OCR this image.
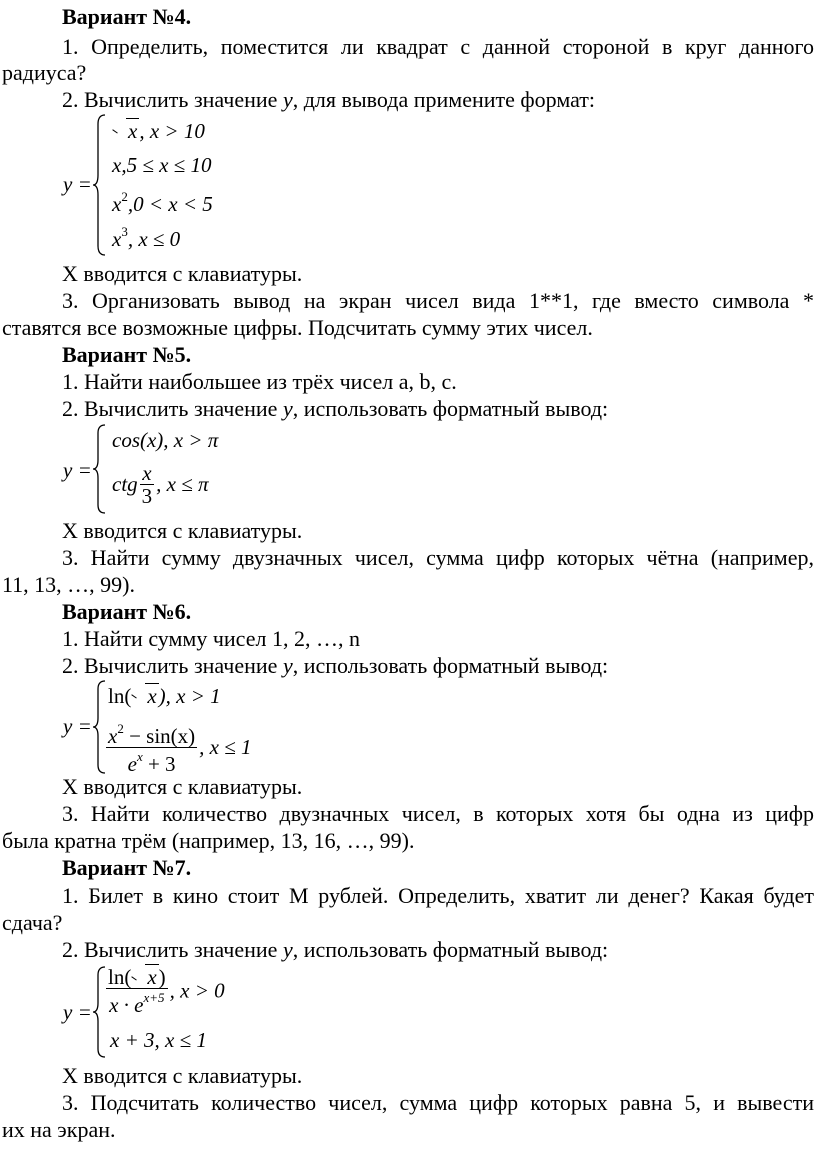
Вариант №4.
1. Определить, поместится ли квадрат с данной стороной в круг данного
радиуса?
2. Вычислить значение y, для вывода примените формат:
y =
x, x > 10
x,5 ≤ x ≤ 10
$x^2,0 < x < 5$
$x^3$, x ≤ 0
X вводится с клавиатуры.
3. Организовать вывод на экран чисел вида 1**1, где вместо символа *
ставятся все возможные цифры. Подсчитать сумму этих чисел.
Вариант №5.
1. Найти наибольшее из трёх чисел a, b, c.
2. Вычислить значение y, использовать форматный вывод:
y =
cos(x), x > π
ctg $\frac{x}{3}$ , x ≤ π
X вводится с клавиатуры.
3. Найти сумму двузначных чисел, сумма цифр которых чётна (например,
11, 13, …, 99).
Вариант №6.
1. Найти сумму чисел 1, 2, …, n
2. Вычислить значение y, использовать форматный вывод:
y =
ln( x), x > 1
$\frac{x^2 - \sin(x)}{e^x + 3}$ , x ≤ 1
X вводится с клавиатуры.
3. Найти количество двузначных чисел, в которых хотя бы одна из цифр
была кратна трём (например, 13, 16, …, 99).
Вариант №7.
1. Билет в кино стоит М рублей. Определить, хватит ли денег? Какая будет
сдача?
2. Вычислить значение y, использовать форматный вывод:
$y = \frac{\ln( x)}{x \cdot e^{x+5}}$ , x > 0
x + 3, x ≤ 1
X вводится с клавиатуры.
3. Подсчитать количество чисел, сумма цифр которых равна 5, и вывести
их на экран.
